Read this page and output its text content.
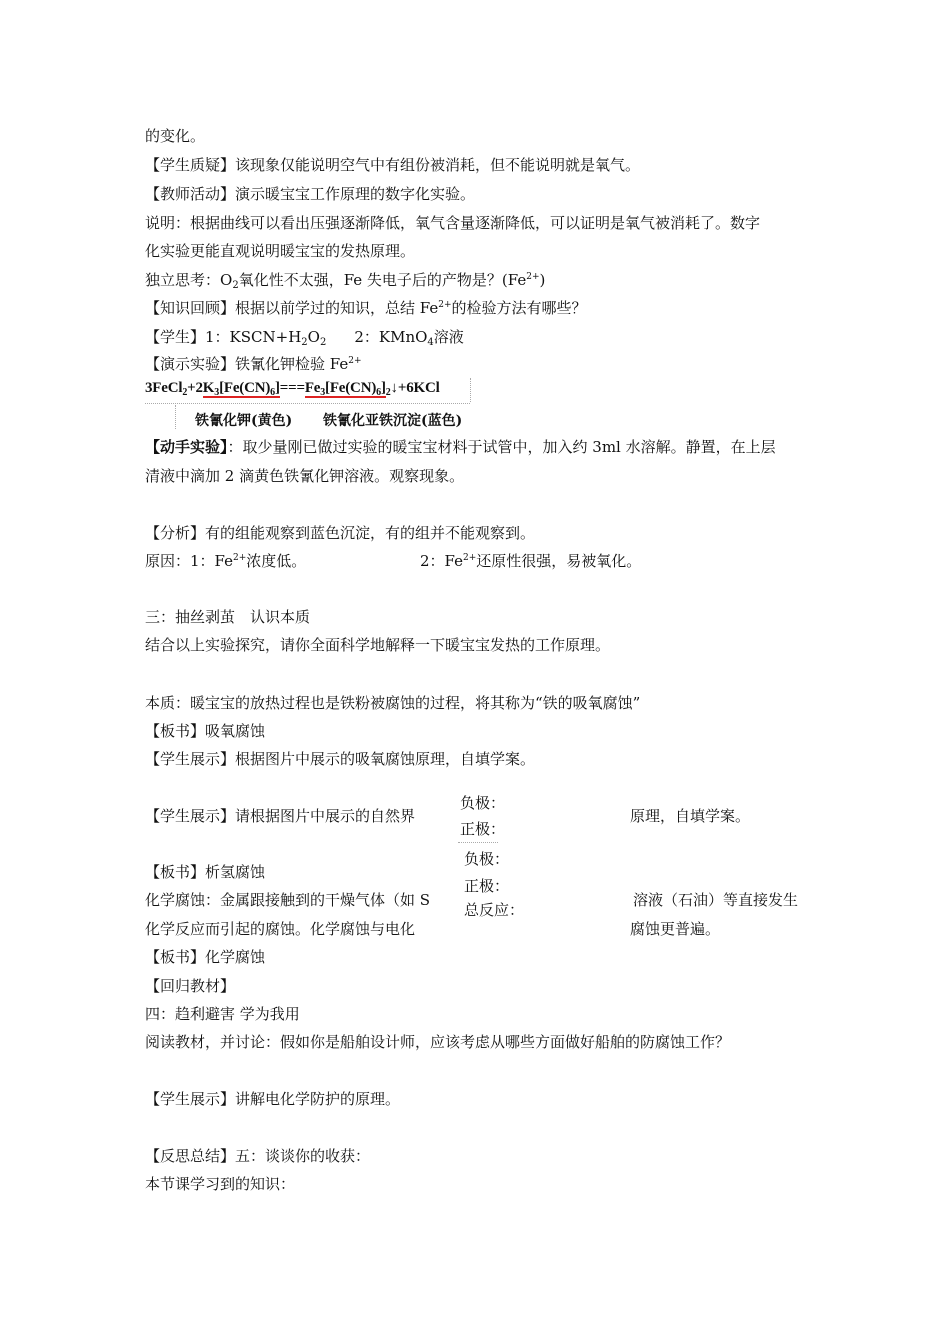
的变化。
【学生质疑】该现象仅能说明空气中有组份被消耗，但不能说明就是氧气。
【教师活动】演示暖宝宝工作原理的数字化实验。
说明：根据曲线可以看出压强逐渐降低，氧气含量逐渐降低，可以证明是氧气被消耗了。数字
化实验更能直观说明暖宝宝的发热原理。
独立思考：$O_2$氧化性不太强，Fe 失电子后的产物是？$(Fe^{2+})$
【知识回顾】根据以前学过的知识，总结 $Fe^{2+}$的检验方法有哪些？
【学生】1：$KSCN+H_2O_2$ 2：KMnO$_4$溶液
【演示实验】铁氰化钾检验 $Fe^{2+}$
$3FeCl_2+2K_3[Fe(CN)_6]===Fe_3[Fe(CN)_6]_2↓+6KCl$
铁氰化钾(黄色) 铁氰化亚铁沉淀(蓝色)
【动手实验】：取少量刚已做过实验的暖宝宝材料于试管中，加入约 3ml 水溶解。静置，在上层
清液中滴加 2 滴黄色铁氰化钾溶液。观察现象。
【分析】有的组能观察到蓝色沉淀，有的组并不能观察到。
原因：1：$Fe^{2+}$浓度低。	2：$Fe^{2+}$还原性很强，易被氧化。
三：抽丝剥茧　认识本质
结合以上实验探究，请你全面科学地解释一下暖宝宝发热的工作原理。
本质：暖宝宝的放热过程也是铁粉被腐蚀的过程，将其称为“铁的吸氧腐蚀”
【板书】吸氧腐蚀
【学生展示】根据图片中展示的吸氧腐蚀原理，自填学案。
【学生展示】请根据图片中展示的自然界	原理，自填学案。
【板书】析氢腐蚀
化学腐蚀：金属跟接触到的干燥气体（如 S	溶液（石油）等直接发生
化学反应而引起的腐蚀。化学腐蚀与电化	腐蚀更普遍。
负极：
正极：
负极：
正极：
总反应：
【板书】化学腐蚀
【回归教材】
四：趋利避害 学为我用
阅读教材，并讨论：假如你是船舶设计师，应该考虑从哪些方面做好船舶的防腐蚀工作？
【学生展示】讲解电化学防护的原理。
【反思总结】五：谈谈你的收获：
本节课学习到的知识：
